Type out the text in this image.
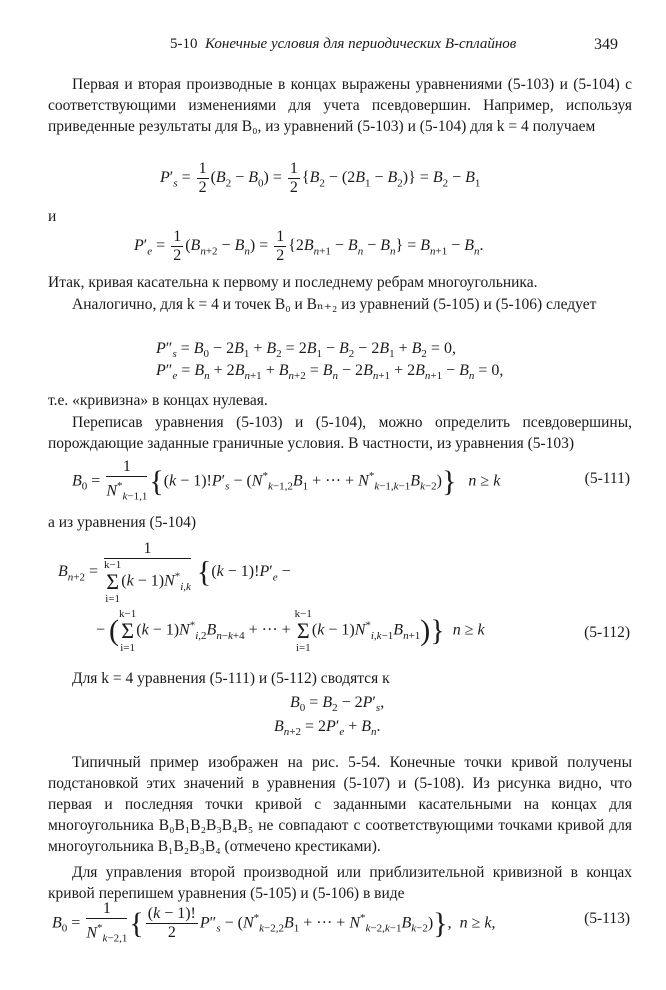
5-10 Конечные условия для периодических B-сплайнов	349
Первая и вторая производные в концах выражены уравнениями (5-103) и (5-104) с соответствующими изменениями для учета псевдовершин. Например, используя приведенные результаты для B₀, из уравнений (5-103) и (5-104) для k = 4 получаем
$P'_s = \frac{1}{2} (B_2 - B_0) = \frac{1}{2} \{B_2 - (2B_1 - B_2)\} = B_2 - B_1$
и
$P'_e = \frac{1}{2} (B_{n+2} - B_n) = \frac{1}{2} \{2B_{n+1} - B_n - B_n\} = B_{n+1} - B_n$.
Итак, кривая касательна к первому и последнему ребрам многоугольника.
Аналогично, для k = 4 и точек B₀ и Bₙ₊₂ из уравнений (5-105) и (5-106) следует
$P''_s = B_0 - 2B_1 + B_2 = 2B_1 - B_2 - 2B_1 + B_2 = 0$,
$P''_e = B_n + 2B_{n+1} + B_{n+2} = B_n - 2B_{n+1} + 2B_{n+1} - B_n = 0$,
т.е. «кривизна» в концах нулевая.
Переписав уравнения (5-103) и (5-104), можно определить псевдовершины, порождающие заданные граничные условия. В частности, из уравнения (5-103)
$B_0 = \frac{1}{N^*_{k-1,1}} \{(k - 1)!P'_s - (N^*_{k-1,2}B_1$ + ··· + $N^*_{k-1,k-1}B_{k-2}$)} n ≥ k	(5-111)
а из уравнения (5-104)
$B_{n+2} = 1$
k−1
Σ
$i=1(k - 1)N^*_{i,k}$ {$(k - 1)!P'_e$ −
− (k−1
Σ
$i=1(k - 1)N^*_{i,2}B_{n-k+4}$ + ··· + k−1
Σ
$i=1(k - 1)N^*_{i,k-1}B_{n+1}$)} n ≥ k	(5-112)
Для k = 4 уравнения (5-111) и (5-112) сводятся к
$B_0 = B_2 - 2P'_s$,
$B_{n+2} = 2P'_e + B_n$.
Типичный пример изображен на рис. 5-54. Конечные точки кривой получены подстановкой этих значений в уравнения (5-107) и (5-108). Из рисунка видно, что первая и последняя точки кривой с заданными касательными на концах для многоугольника B₀B₁B₂B₃B₄B₅ не совпадают с соответствующими точками кривой для многоугольника B₁B₂B₃B₄ (отмечено крестиками).
Для управления второй производной или приблизительной кривизной в концах кривой перепишем уравнения (5-105) и (5-106) в виде
$B_0 = \frac{1}{N^*_{k-2,1}}$ { $\frac{(k - 1)!}{2} P''_s - (N^*_{k-2,2}B_1$ + ··· + $N^*_{k-2,k-1}B_{k-2}$)},  n ≥ k,	(5-113)
